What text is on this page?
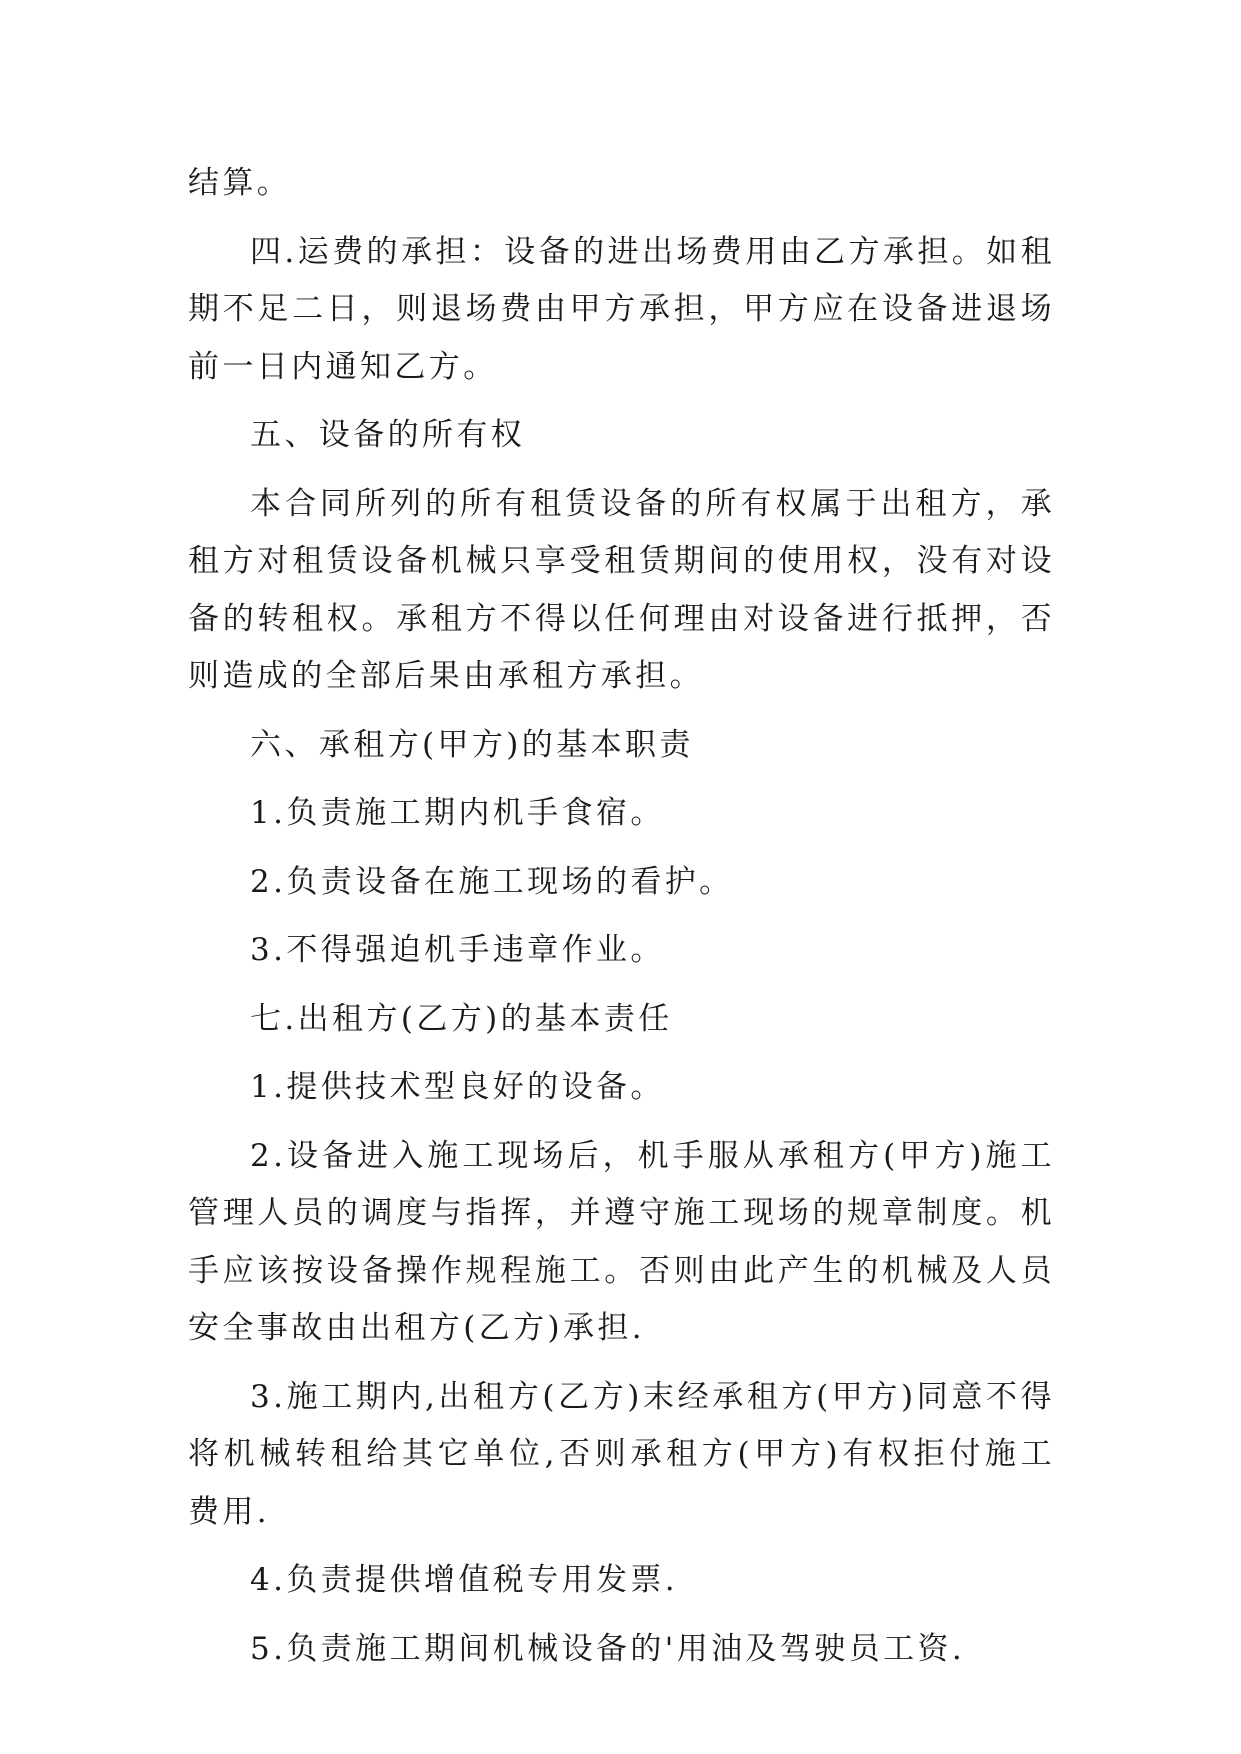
结算。

四.运费的承担：设备的进出场费用由乙方承担。如租期不足二日，则退场费由甲方承担，甲方应在设备进退场前一日内通知乙方。

五、设备的所有权

本合同所列的所有租赁设备的所有权属于出租方，承租方对租赁设备机械只享受租赁期间的使用权，没有对设备的转租权。承租方不得以任何理由对设备进行抵押，否则造成的全部后果由承租方承担。

六、承租方(甲方)的基本职责

1.负责施工期内机手食宿。

2.负责设备在施工现场的看护。

3.不得强迫机手违章作业。

七.出租方(乙方)的基本责任

1.提供技术型良好的设备。

2.设备进入施工现场后，机手服从承租方(甲方)施工管理人员的调度与指挥，并遵守施工现场的规章制度。机手应该按设备操作规程施工。否则由此产生的机械及人员安全事故由出租方(乙方)承担.

3.施工期内,出租方(乙方)末经承租方(甲方)同意不得将机械转租给其它单位,否则承租方(甲方)有权拒付施工费用.

4.负责提供增值税专用发票.

5.负责施工期间机械设备的'用油及驾驶员工资.
